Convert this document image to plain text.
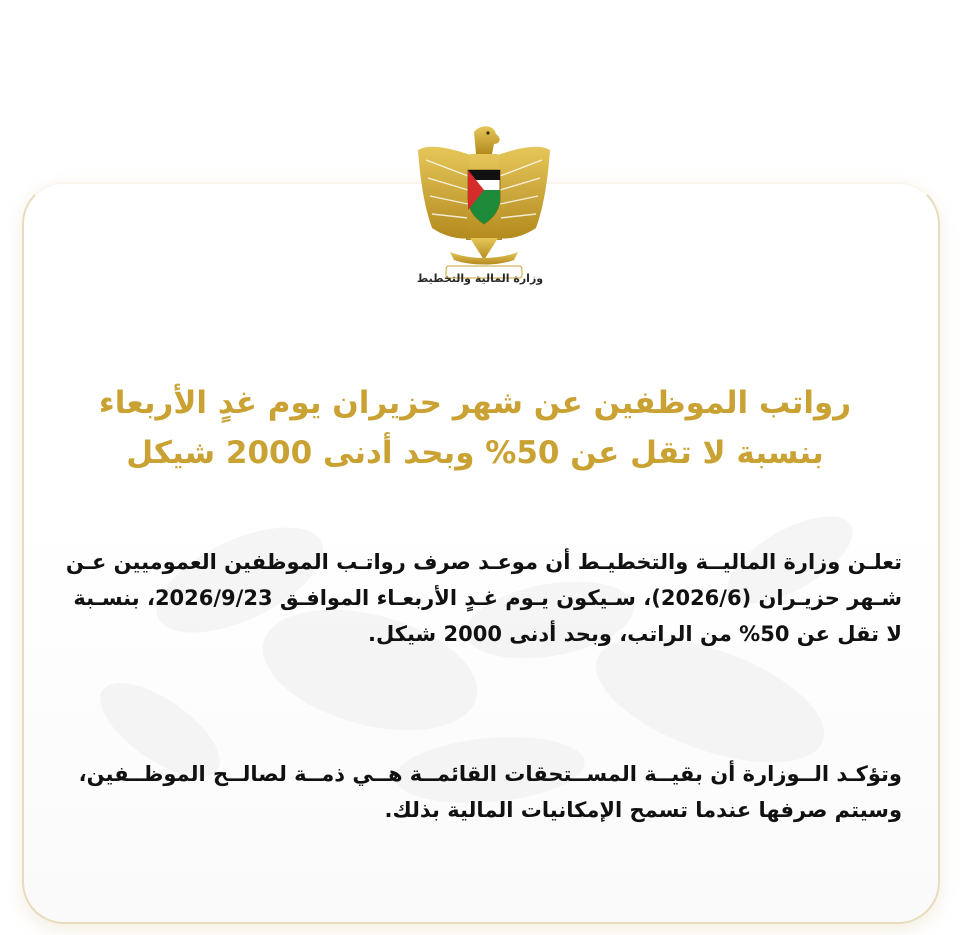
وزارة المالية والتخطيط
رواتب الموظفين عن شهر حزيران يوم غدٍ الأربعاء
بنسبة لا تقل عن 50% وبحد أدنى 2000 شيكل
تعلـن وزارة الماليــة والتخطيـط أن موعـد صرف رواتـب الموظفين العموميين عـن
شـهر حزيـران (2026/6)، سـيكون يـوم غـدٍ الأربعـاء الموافـق 2026/9/23، بنسـبة
لا تقل عن 50% من الراتب، وبحد أدنى 2000 شيكل.
وتؤكـد الــوزارة أن بقيــة المســتحقات القائمــة هــي ذمــة لصالــح الموظــفين،
وسيتم صرفها عندما تسمح الإمكانيات المالية بذلك.
